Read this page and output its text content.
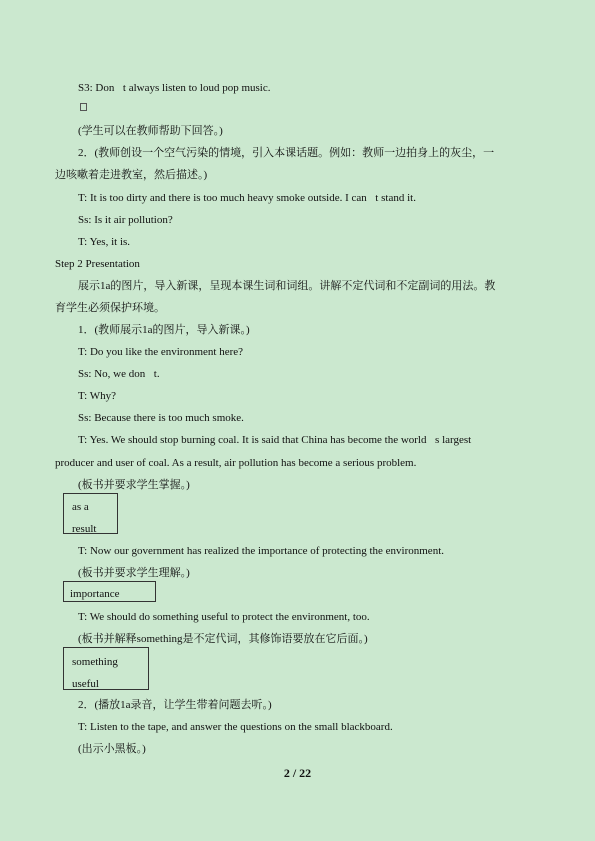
S3: Don t always listen to loud pop music.
(学生可以在教师帮助下回答。)
2．(教师创设一个空气污染的情境，引入本课话题。例如：教师一边拍身上的灰尘，一
边咳嗽着走进教室，然后描述。)
T: It is too dirty and there is too much heavy smoke outside. I can t stand it.
Ss: Is it air pollution?
T: Yes, it is.
Step 2 Presentation
展示1a的图片，导入新课，呈现本课生词和词组。讲解不定代词和不定副词的用法。教
育学生必须保护环境。
1．(教师展示1a的图片，导入新课。)
T: Do you like the environment here?
Ss: No, we don t.
T: Why?
Ss: Because there is too much smoke.
T: Yes. We should stop burning coal. It is said that China has become the world s largest
producer and user of coal. As a result, air pollution has become a serious problem.
(板书并要求学生掌握。)
as a
result
T: Now our government has realized the importance of protecting the environment.
(板书并要求学生理解。)
importance
T: We should do something useful to protect the environment, too.
(板书并解释something是不定代词，其修饰语要放在它后面。)
something
useful
2．(播放1a录音，让学生带着问题去听。)
T: Listen to the tape, and answer the questions on the small blackboard.
(出示小黑板。)
2 / 22
